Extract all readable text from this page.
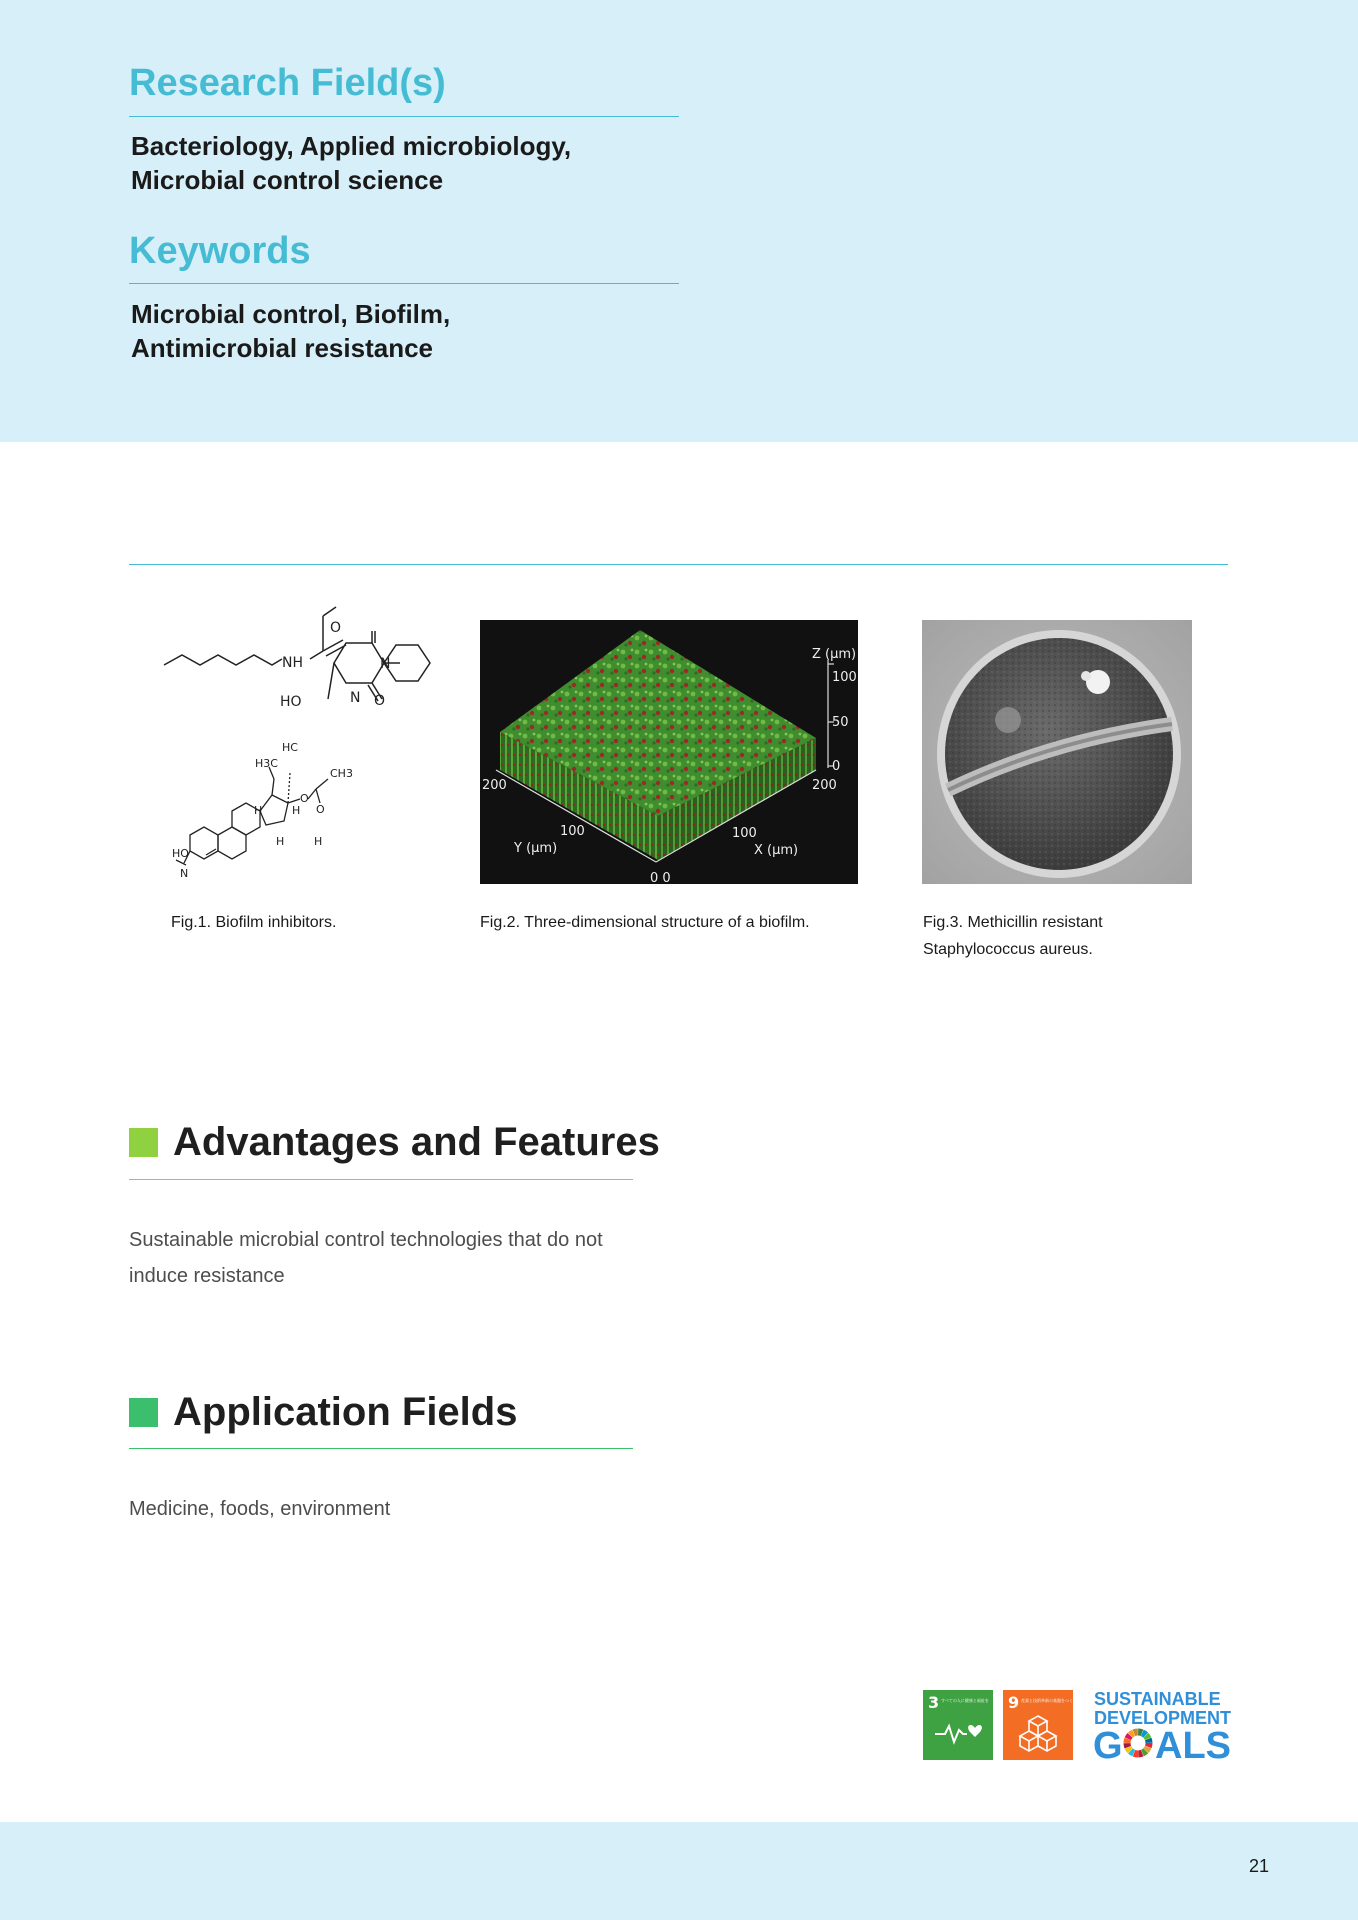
Research Field(s)

Bacteriology, Applied microbiology,
Microbial control science

Keywords

Microbial control, Biofilm,
Antimicrobial resistance

NH
O
N
N
HO	O
HC
H3C
CH3
O
O
HO
N
H	H
H	H

Fig.1. Biofilm inhibitors.

Z (μm)
100
50
0
200	200
100	100
Y (μm)	X (μm)
0 0

Fig.2. Three-dimensional structure of a biofilm.	Fig.3. Methicillin resistant
Staphylococcus aureus.

Advantages and Features

Sustainable microbial control technologies that do not
induce resistance

Application Fields

Medicine, foods, environment

3 すべての人に健康と福祉を 9 産業と技術革新の基盤をつくろう SUSTAINABLE
DEVELOPMENT
G ALS

21
